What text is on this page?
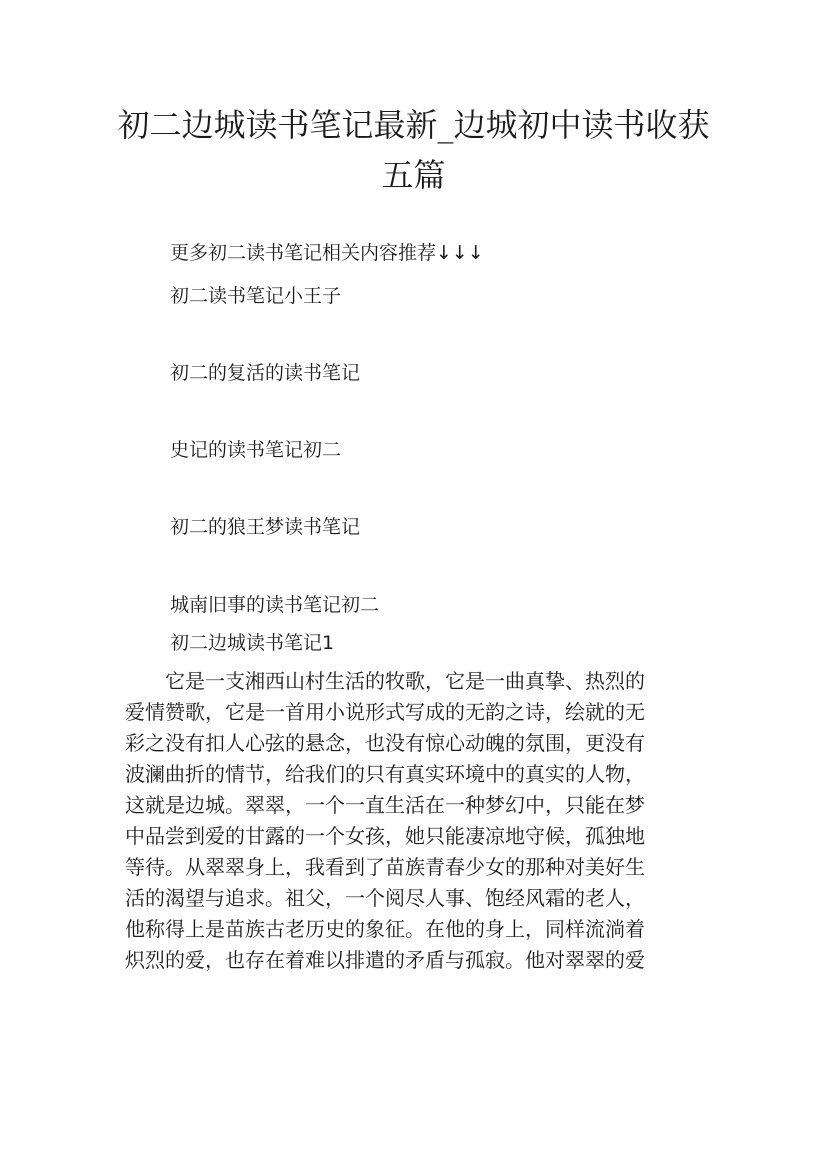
初二边城读书笔记最新_边城初中读书收获
五篇
更多初二读书笔记相关内容推荐↓↓↓
初二读书笔记小王子
初二的复活的读书笔记
史记的读书笔记初二
初二的狼王梦读书笔记
城南旧事的读书笔记初二
初二边城读书笔记1
　　它是一支湘西山村生活的牧歌，它是一曲真挚、热烈的
爱情赞歌，它是一首用小说形式写成的无韵之诗，绘就的无
彩之没有扣人心弦的悬念，也没有惊心动魄的氛围，更没有
波澜曲折的情节，给我们的只有真实环境中的真实的人物，
这就是边城。翠翠，一个一直生活在一种梦幻中，只能在梦
中品尝到爱的甘露的一个女孩，她只能凄凉地守候，孤独地
等待。从翠翠身上，我看到了苗族青春少女的那种对美好生
活的渴望与追求。祖父，一个阅尽人事、饱经风霜的老人，
他称得上是苗族古老历史的象征。在他的身上，同样流淌着
炽烈的爱，也存在着难以排遣的矛盾与孤寂。他对翠翠的爱
